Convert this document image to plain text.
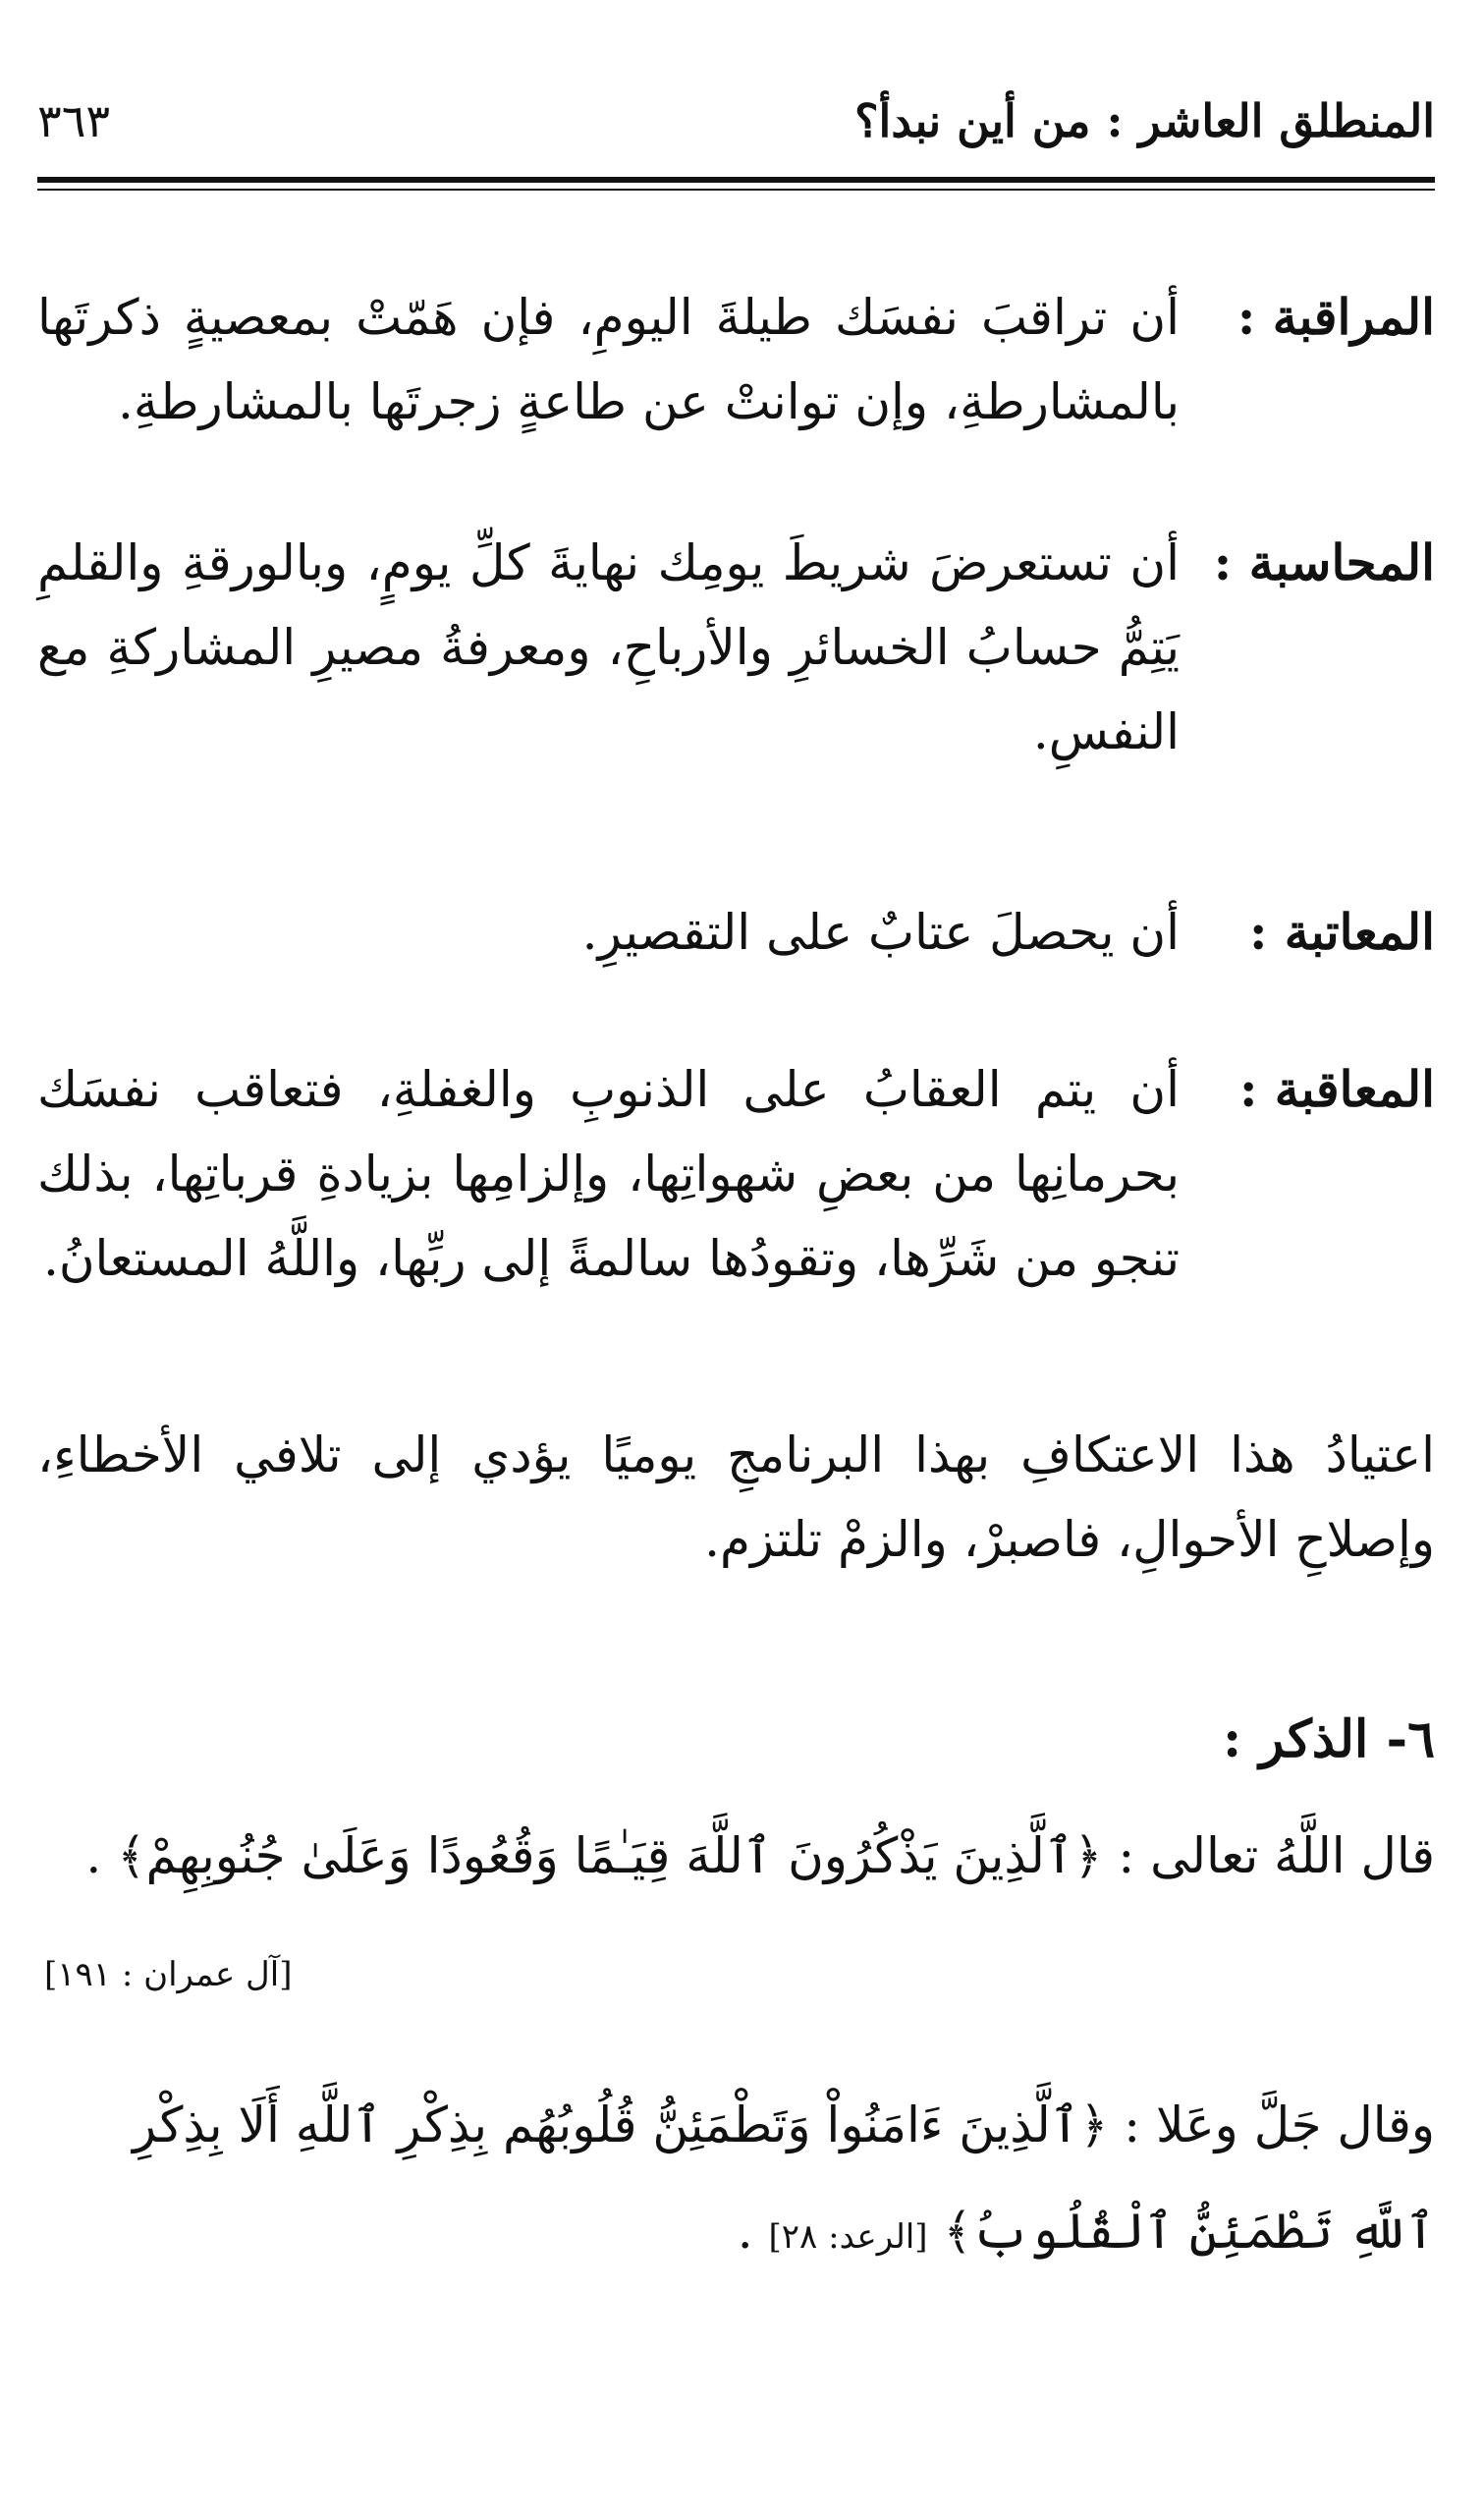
المنطلق العاشر : من أين نبدأ؟
٣٦٣
المراقبة :
أن تراقبَ نفسَك طيلةَ اليومِ، فإن هَمّتْ بمعصيةٍ ذكرتَها بالمشارطةِ، وإن توانتْ عن طاعةٍ زجرتَها بالمشارطةِ.
المحاسبة :
أن تستعرضَ شريطَ يومِك نهايةَ كلِّ يومٍ، وبالورقةِ والقلمِ يَتِمُّ حسابُ الخسائرِ والأرباحِ، ومعرفةُ مصيرِ المشاركةِ مع النفسِ.
المعاتبة :
أن يحصلَ عتابٌ على التقصيرِ.
المعاقبة :
أن يتم العقابُ على الذنوبِ والغفلةِ، فتعاقب نفسَك بحرمانِها من بعضِ شهواتِها، وإلزامِها بزيادةِ قرباتِها، بذلك تنجو من شَرِّها، وتقودُها سالمةً إلى ربِّها، واللَّهُ المستعانُ.
اعتيادُ هذا الاعتكافِ بهذا البرنامجِ يوميًا يؤدي إلى تلافي الأخطاءِ، وإصلاحِ الأحوالِ، فاصبرْ، والزمْ تلتزم.
٦- الذكر :
قال اللَّهُ تعالى : ﴿ٱلَّذِينَ يَذْكُرُونَ ٱللَّهَ قِيَـٰمًا وَقُعُودًا وَعَلَىٰ جُنُوبِهِمْ﴾ .
[آل عمران : ١٩١]
وقال جَلَّ وعَلا : ﴿ٱلَّذِينَ ءَامَنُواْ وَتَطْمَئِنُّ قُلُوبُهُم بِذِكْرِ ٱللَّهِ أَلَا بِذِكْرِ
ٱللَّهِ تَطْمَئِنُّ ٱلْقُلُوبُ﴾ [الرعد: ٢٨] .
